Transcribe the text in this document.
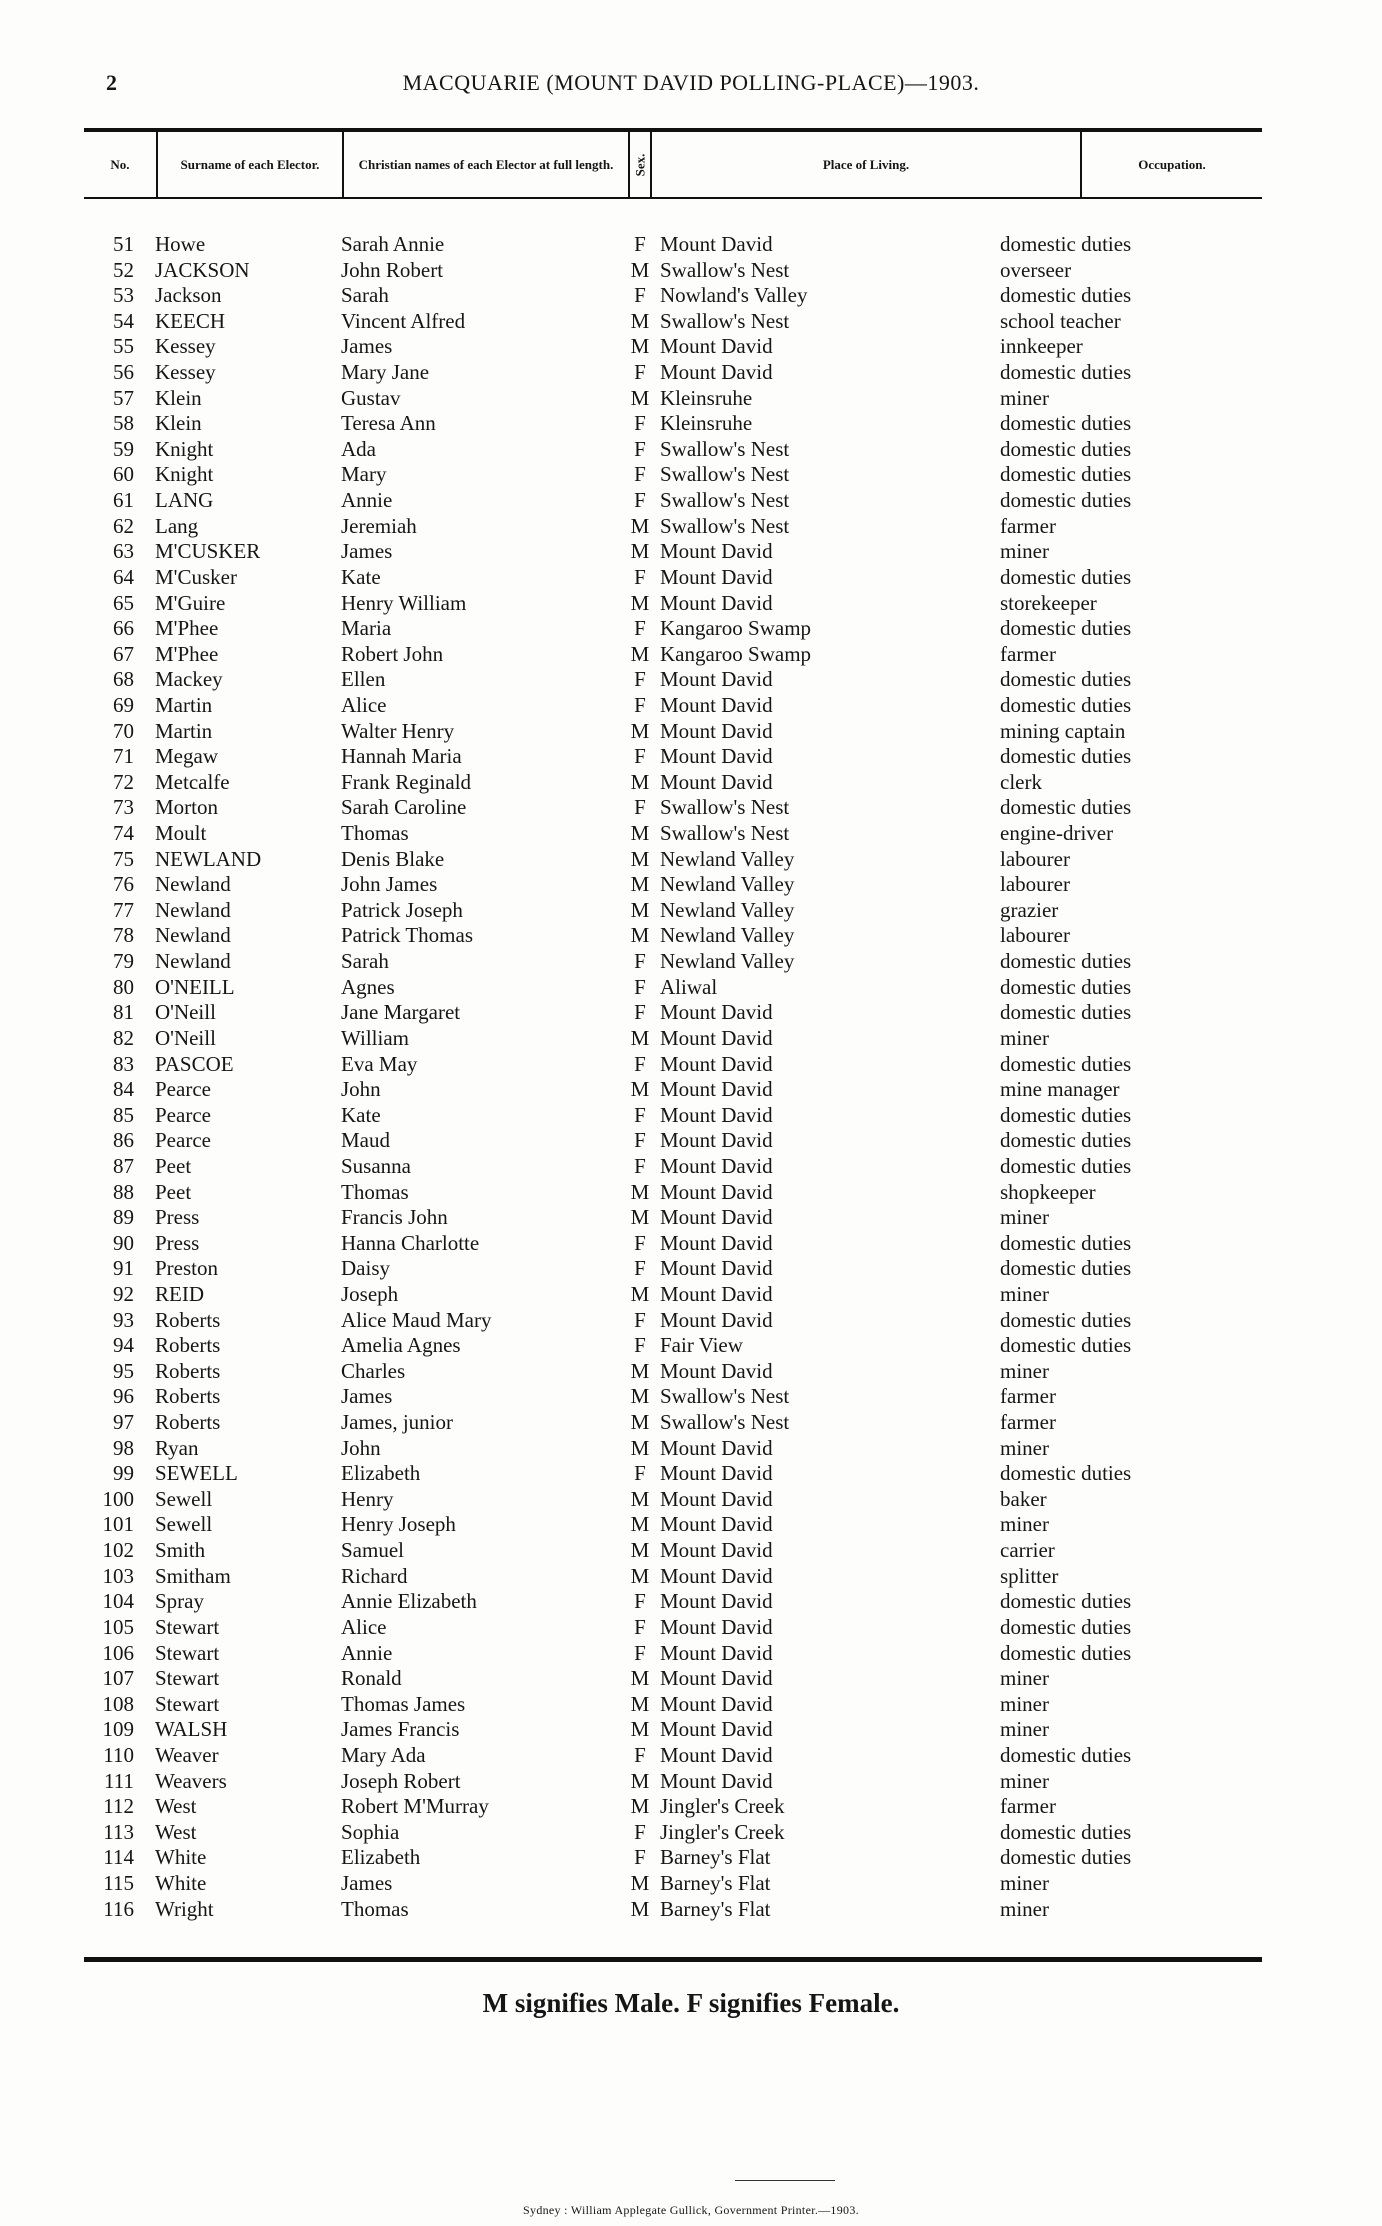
2	MACQUARIE (MOUNT DAVID POLLING-PLACE)—1903.
No.	Surname of each Elector.	Christian names of each Elector at full length.	Sex.	Place of Living.	Occupation.
51 Howe	Sarah Annie	F Mount David	domestic duties
52 JACKSON	John Robert	M Swallow's Nest	overseer
53 Jackson	Sarah	F Nowland's Valley	domestic duties
54 KEECH	Vincent Alfred	M Swallow's Nest	school teacher
55 Kessey	James	M Mount David	innkeeper
56 Kessey	Mary Jane	F Mount David	domestic duties
57 Klein	Gustav	M Kleinsruhe	miner
58 Klein	Teresa Ann	F Kleinsruhe	domestic duties
59 Knight	Ada	F Swallow's Nest	domestic duties
60 Knight	Mary	F Swallow's Nest	domestic duties
61 LANG	Annie	F Swallow's Nest	domestic duties
62 Lang	Jeremiah	M Swallow's Nest	farmer
63 M'CUSKER	James	M Mount David	miner
64 M'Cusker	Kate	F Mount David	domestic duties
65 M'Guire	Henry William	M Mount David	storekeeper
66 M'Phee	Maria	F Kangaroo Swamp	domestic duties
67 M'Phee	Robert John	M Kangaroo Swamp	farmer
68 Mackey	Ellen	F Mount David	domestic duties
69 Martin	Alice	F Mount David	domestic duties
70 Martin	Walter Henry	M Mount David	mining captain
71 Megaw	Hannah Maria	F Mount David	domestic duties
72 Metcalfe	Frank Reginald	M Mount David	clerk
73 Morton	Sarah Caroline	F Swallow's Nest	domestic duties
74 Moult	Thomas	M Swallow's Nest	engine-driver
75 NEWLAND	Denis Blake	M Newland Valley	labourer
76 Newland	John James	M Newland Valley	labourer
77 Newland	Patrick Joseph	M Newland Valley	grazier
78 Newland	Patrick Thomas	M Newland Valley	labourer
79 Newland	Sarah	F Newland Valley	domestic duties
80 O'NEILL	Agnes	F Aliwal	domestic duties
81 O'Neill	Jane Margaret	F Mount David	domestic duties
82 O'Neill	William	M Mount David	miner
83 PASCOE	Eva May	F Mount David	domestic duties
84 Pearce	John	M Mount David	mine manager
85 Pearce	Kate	F Mount David	domestic duties
86 Pearce	Maud	F Mount David	domestic duties
87 Peet	Susanna	F Mount David	domestic duties
88 Peet	Thomas	M Mount David	shopkeeper
89 Press	Francis John	M Mount David	miner
90 Press	Hanna Charlotte	F Mount David	domestic duties
91 Preston	Daisy	F Mount David	domestic duties
92 REID	Joseph	M Mount David	miner
93 Roberts	Alice Maud Mary	F Mount David	domestic duties
94 Roberts	Amelia Agnes	F Fair View	domestic duties
95 Roberts	Charles	M Mount David	miner
96 Roberts	James	M Swallow's Nest	farmer
97 Roberts	James, junior	M Swallow's Nest	farmer
98 Ryan	John	M Mount David	miner
99 SEWELL	Elizabeth	F Mount David	domestic duties
100 Sewell	Henry	M Mount David	baker
101 Sewell	Henry Joseph	M Mount David	miner
102 Smith	Samuel	M Mount David	carrier
103 Smitham	Richard	M Mount David	splitter
104 Spray	Annie Elizabeth	F Mount David	domestic duties
105 Stewart	Alice	F Mount David	domestic duties
106 Stewart	Annie	F Mount David	domestic duties
107 Stewart	Ronald	M Mount David	miner
108 Stewart	Thomas James	M Mount David	miner
109 WALSH	James Francis	M Mount David	miner
110 Weaver	Mary Ada	F Mount David	domestic duties
111 Weavers	Joseph Robert	M Mount David	miner
112 West	Robert M'Murray	M Jingler's Creek	farmer
113 West	Sophia	F Jingler's Creek	domestic duties
114 White	Elizabeth	F Barney's Flat	domestic duties
115 White	James	M Barney's Flat	miner
116 Wright	Thomas	M Barney's Flat	miner
M signifies Male. F signifies Female.
Sydney : William Applegate Gullick, Government Printer.—1903.
